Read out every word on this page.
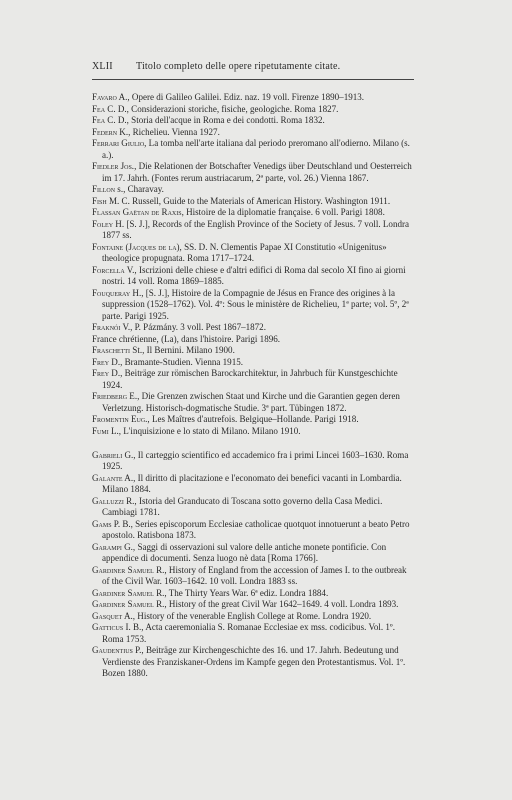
XLII Titolo completo delle opere ripetutamente citate.

Favaro A., Opere di Galileo Galilei. Ediz. naz. 19 voll. Firenze 1890–1913.

Fea C. D., Considerazioni storiche, fisiche, geologiche. Roma 1827.

Fea C. D., Storia dell'acque in Roma e dei condotti. Roma 1832.

Federn K., Richelieu. Vienna 1927.

Ferrari Giulio, La tomba nell'arte italiana dal periodo preromano all'odierno. Milano (s. a.).

Fiedler Jos., Die Relationen der Botschafter Venedigs über Deutschland und Oesterreich im 17. Jahrh. (Fontes rerum austriacarum, 2ª parte, vol. 26.) Vienna 1867.

Fillon s., Charavay.

Fish M. C. Russell, Guide to the Materials of American History. Washington 1911.

Flassan Gaëtan de Raxis, Histoire de la diplomatie française. 6 voll. Parigi 1808.

Foley H. [S. J.], Records of the English Province of the Society of Jesus. 7 voll. Londra 1877 ss.

Fontaine (Jacques de la), SS. D. N. Clementis Papae XI Constitutio «Unigenitus» theologice propugnata. Roma 1717–1724.

Forcella V., Iscrizioni delle chiese e d'altri edifici di Roma dal secolo XI fino ai giorni nostri. 14 voll. Roma 1869–1885.

Fouqueray H., [S. J.], Histoire de la Compagnie de Jésus en France des origines à la suppression (1528–1762). Vol. 4º: Sous le ministère de Richelieu, 1ª parte; vol. 5º, 2ª parte. Parigi 1925.

Fraknói V., P. Pázmány. 3 voll. Pest 1867–1872.

France chrétienne, (La), dans l'histoire. Parigi 1896.

Fraschetti St., Il Bernini. Milano 1900.

Frey D., Bramante-Studien. Vienna 1915.

Frey D., Beiträge zur römischen Barockarchitektur, in Jahrbuch für Kunstgeschichte 1924.

Friedberg E., Die Grenzen zwischen Staat und Kirche und die Garantien gegen deren Verletzung. Historisch-dogmatische Studie. 3ª part. Tübingen 1872.

Fromentin Eug., Les Maîtres d'autrefois. Belgique–Hollande. Parigi 1918.

Fumi L., L'inquisizione e lo stato di Milano. Milano 1910.

Gabrieli G., Il carteggio scientifico ed accademico fra i primi Lincei 1603–1630. Roma 1925.

Galante A., Il diritto di placitazione e l'economato dei benefici vacanti in Lombardia. Milano 1884.

Galluzzi R., Istoria del Granducato di Toscana sotto governo della Casa Medici. Cambiagi 1781.

Gams P. B., Series episcoporum Ecclesiae catholicae quotquot innotuerunt a beato Petro apostolo. Ratisbona 1873.

Garampi G., Saggi di osservazioni sul valore delle antiche monete pontificie. Con appendice di documenti. Senza luogo nè data [Roma 1766].

Gardiner Samuel R., History of England from the accession of James I. to the outbreak of the Civil War. 1603–1642. 10 voll. Londra 1883 ss.

Gardiner Samuel R., The Thirty Years War. 6ª ediz. Londra 1884.

Gardiner Samuel R., History of the great Civil War 1642–1649. 4 voll. Londra 1893.

Gasquet A., History of the venerable English College at Rome. Londra 1920.

Gatticus I. B., Acta caeremonialia S. Romanae Ecclesiae ex mss. codicibus. Vol. 1º. Roma 1753.

Gaudentius P., Beiträge zur Kirchengeschichte des 16. und 17. Jahrh. Bedeutung und Verdienste des Franziskaner-Ordens im Kampfe gegen den Protestantismus. Vol. 1º. Bozen 1880.
